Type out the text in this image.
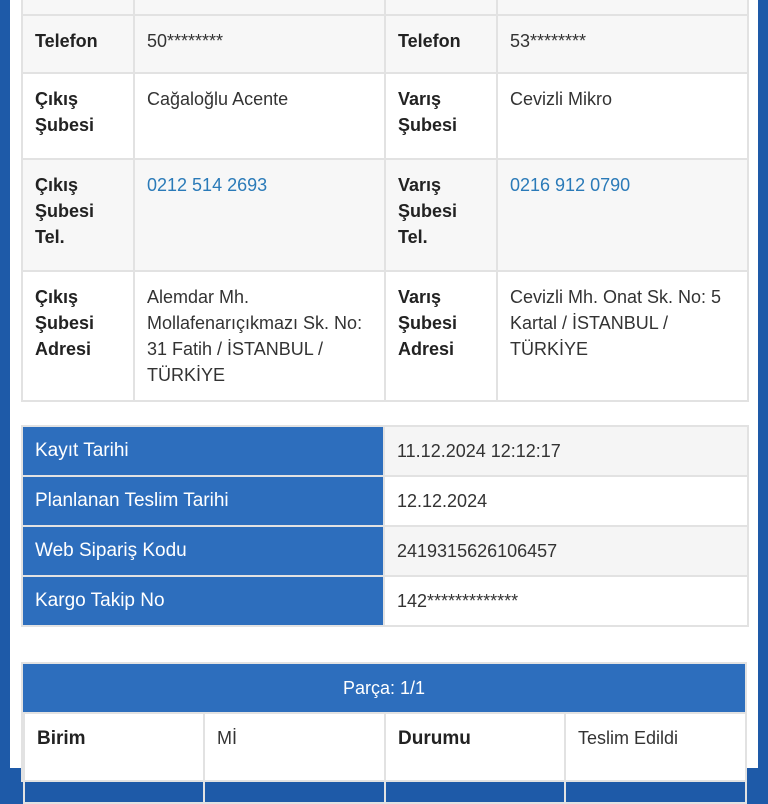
Telefon	50********	Telefon	53********
Çıkış Şubesi	Cağaloğlu Acente	Varış Şubesi	Cevizli Mikro
Çıkış Şubesi Tel.	0212 514 2693	Varış Şubesi Tel.	0216 912 0790
Çıkış Şubesi Adresi	Alemdar Mh. Mollafenarıçıkmazı Sk. No: 31 Fatih / İSTANBUL / TÜRKİYE	Varış Şubesi Adresi	Cevizli Mh. Onat Sk. No: 5 Kartal / İSTANBUL / TÜRKİYE
Kayıt Tarihi	11.12.2024 12:12:17
Planlanan Teslim Tarihi	12.12.2024
Web Sipariş Kodu	2419315626106457
Kargo Takip No	142*************
Parça: 1/1
Birim	Mİ	Durumu	Teslim Edildi
